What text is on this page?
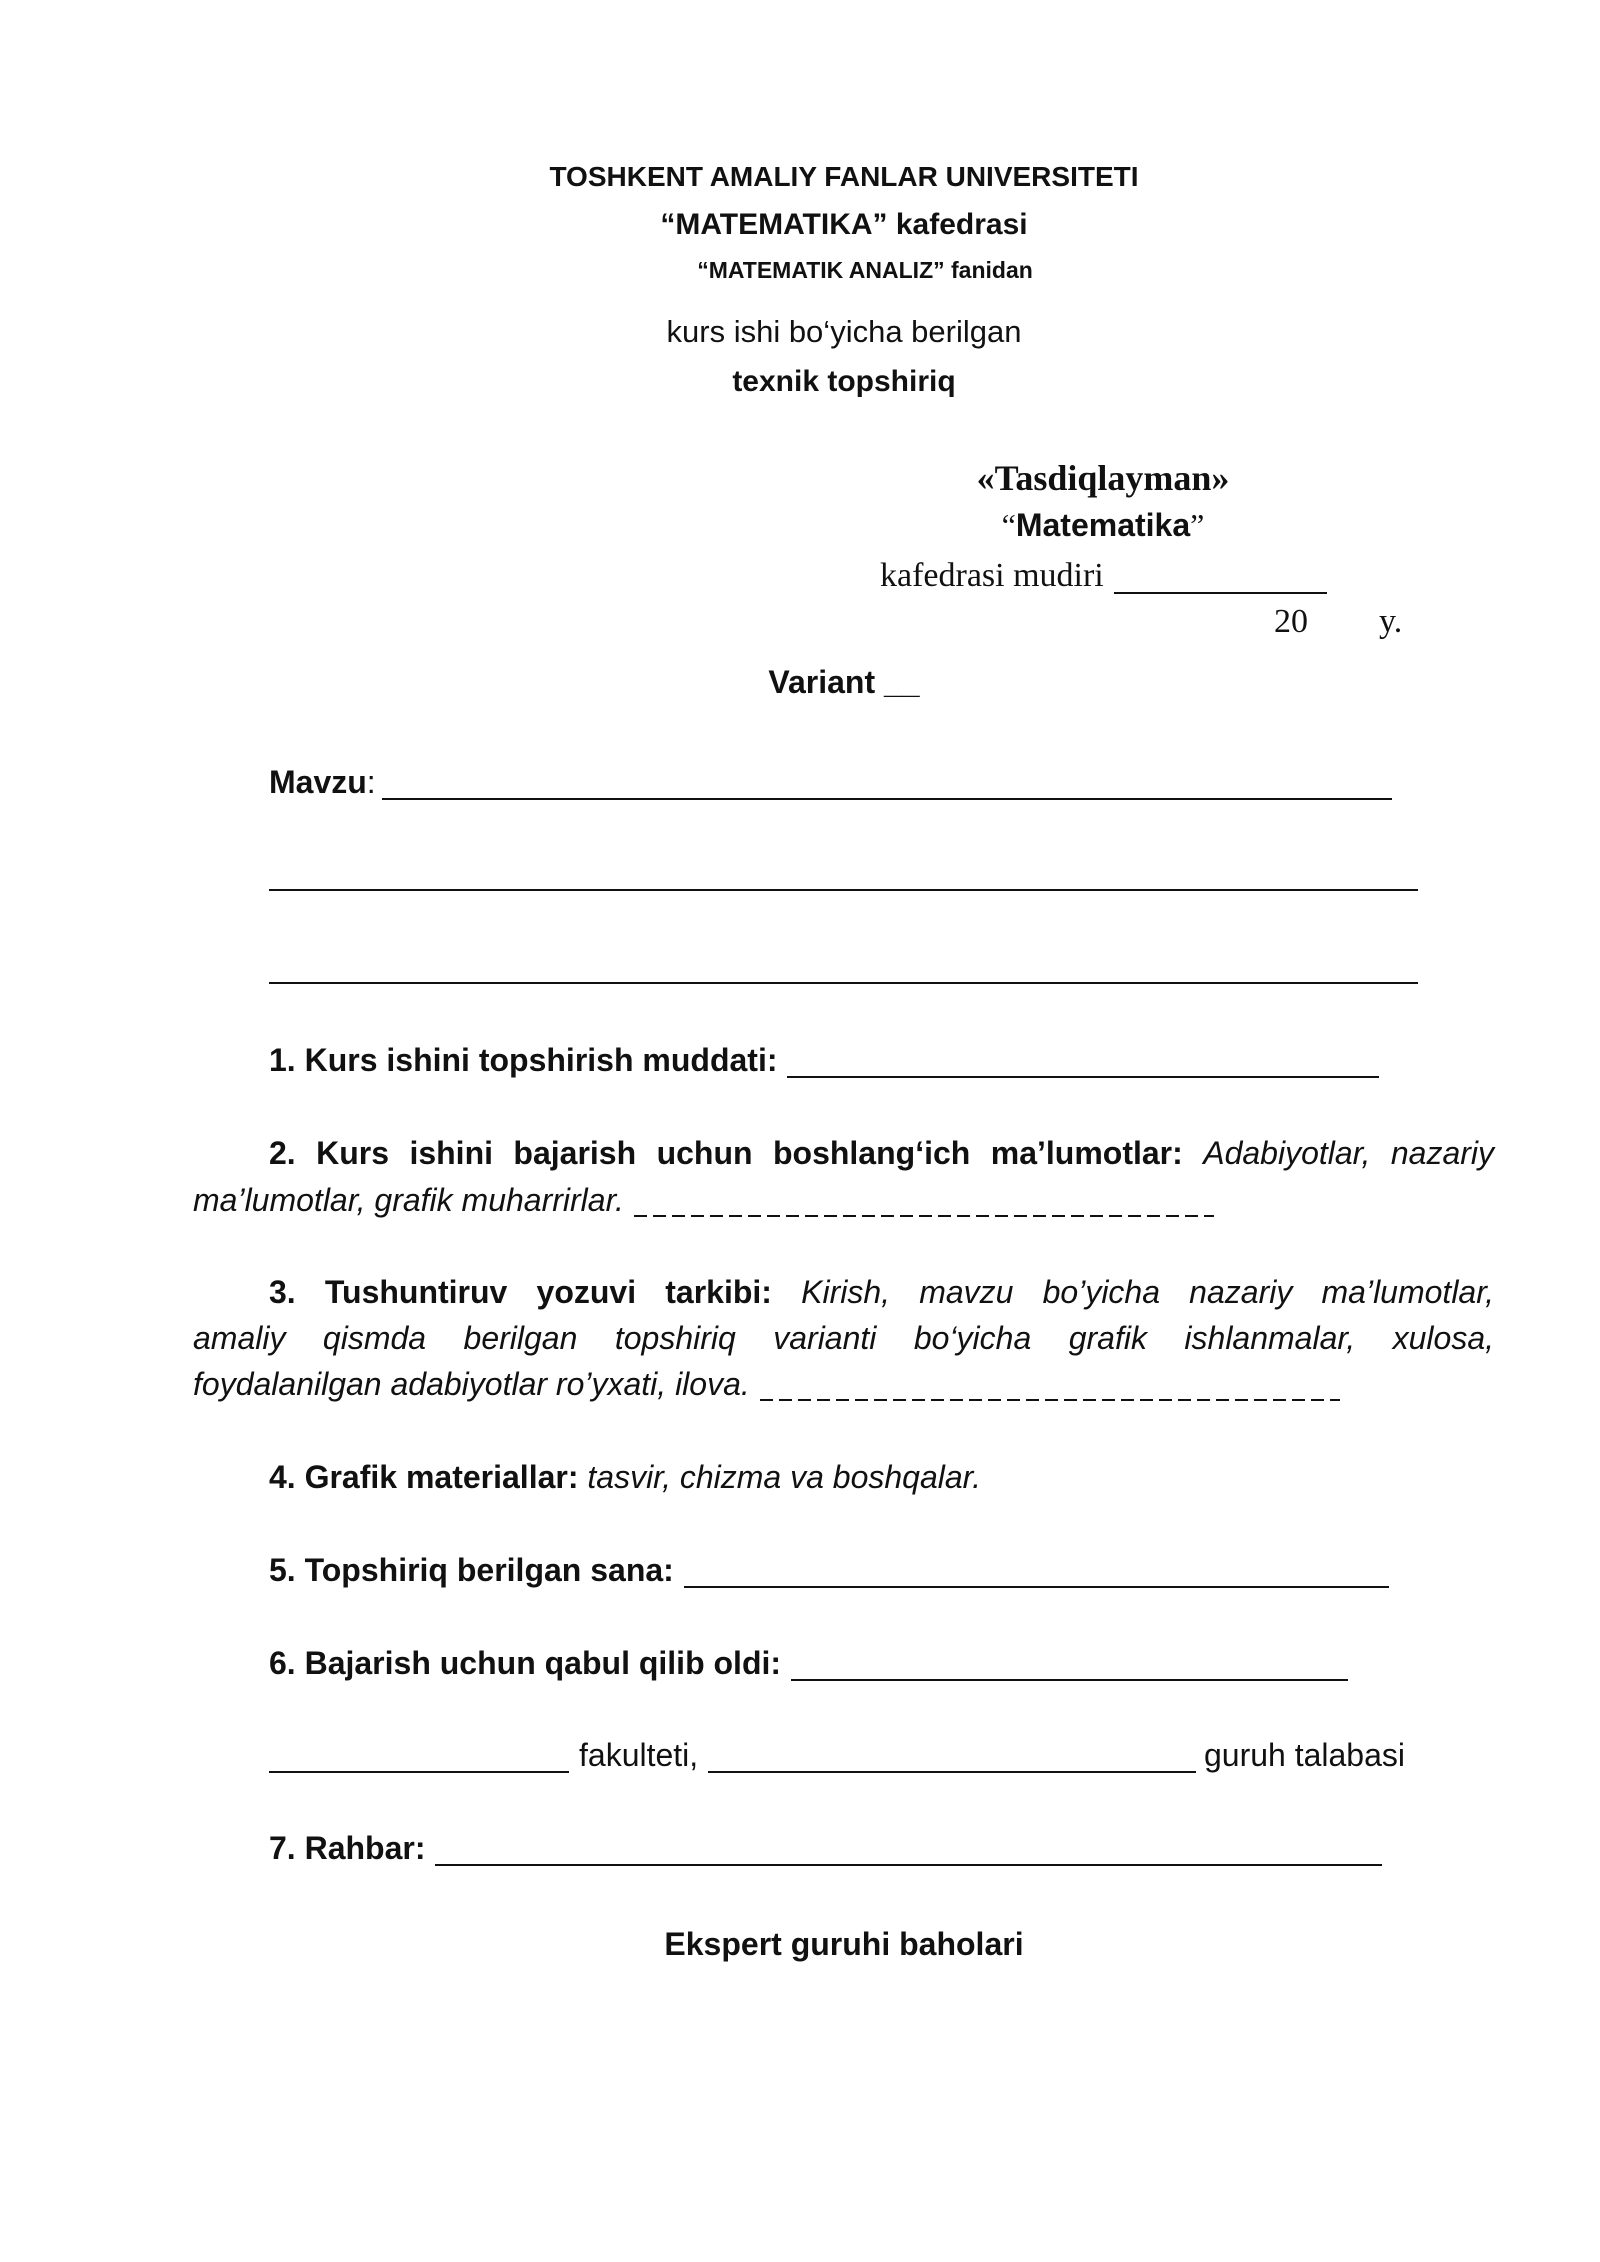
TOSHKENT AMALIY FANLAR UNIVERSITETI
“MATEMATIKA” kafedrasi
“MATEMATIK ANALIZ” fanidan
kurs ishi bo‘yicha berilgan
texnik topshiriq
«Tasdiqlayman»
“Matematika”
kafedrasi mudiri
20 y.
Variant __
Mavzu:
1. Kurs ishini topshirish muddati:
2. Kurs ishini bajarish uchun boshlang‘ich ma’lumotlar: Adabiyotlar, nazariy
ma’lumotlar, grafik muharrirlar.
3. Tushuntiruv yozuvi tarkibi: Kirish, mavzu bo’yicha nazariy ma’lumotlar,
amaliy qismda berilgan topshiriq varianti bo‘yicha grafik ishlanmalar, xulosa,
foydalanilgan adabiyotlar ro’yxati, ilova.
4. Grafik materiallar: tasvir, chizma va boshqalar.
5. Topshiriq berilgan sana:
6. Bajarish uchun qabul qilib oldi:
fakulteti,	guruh talabasi
7. Rahbar:
Ekspert guruhi baholari
